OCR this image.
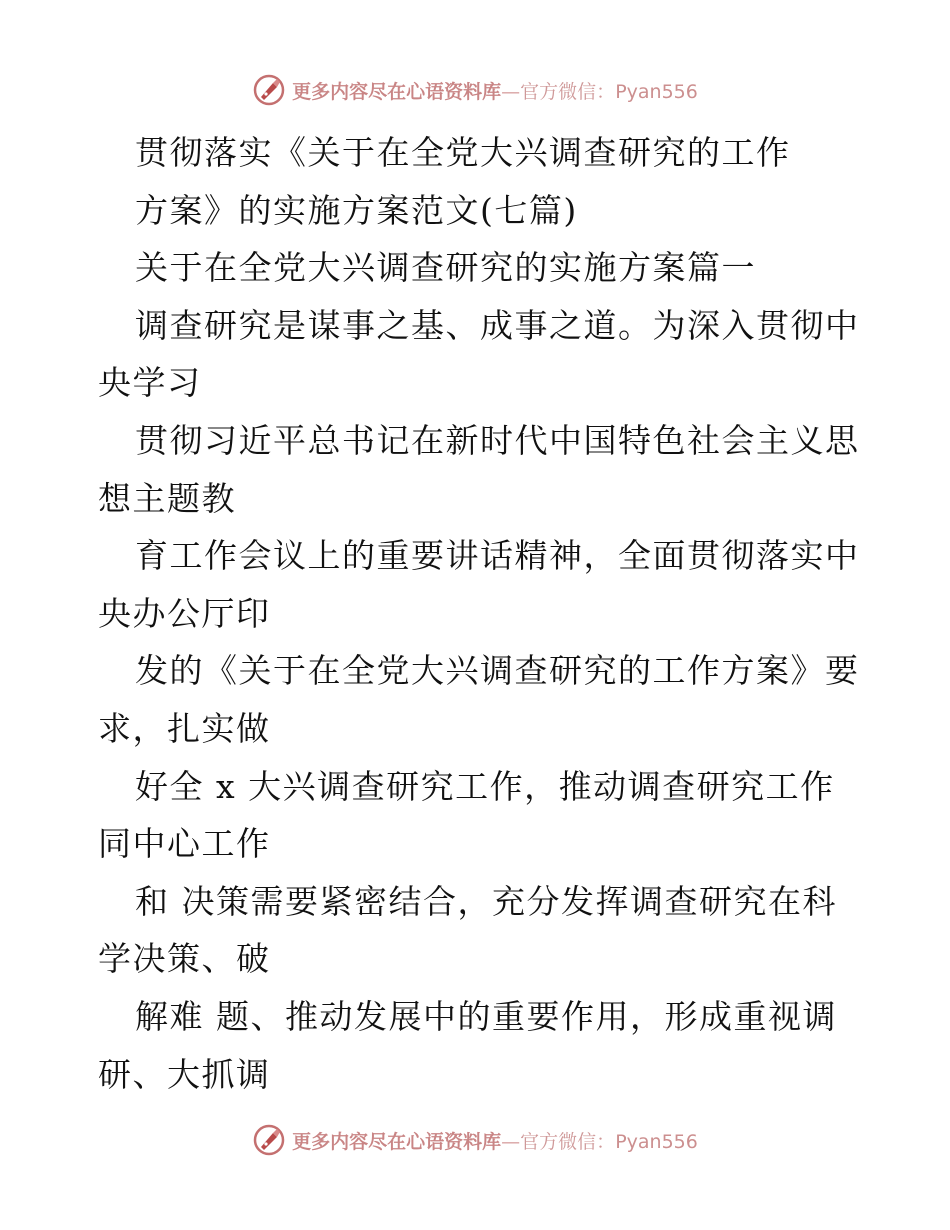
更多内容尽在心语资料库—官方微信：Pyan556
贯彻落实《关于在全党大兴调查研究的工作
方案》的实施方案范文(七篇)
关于在全党大兴调查研究的实施方案篇一
调查研究是谋事之基、成事之道。为深入贯彻中
央学习
贯彻习近平总书记在新时代中国特色社会主义思
想主题教
育工作会议上的重要讲话精神，全面贯彻落实中
央办公厅印
发的《关于在全党大兴调查研究的工作方案》要
求，扎实做
好全 x 大兴调查研究工作，推动调查研究工作
同中心工作
和 决策需要紧密结合，充分发挥调查研究在科
学决策、破
解难 题、推动发展中的重要作用，形成重视调
研、大抓调
更多内容尽在心语资料库—官方微信：Pyan556
